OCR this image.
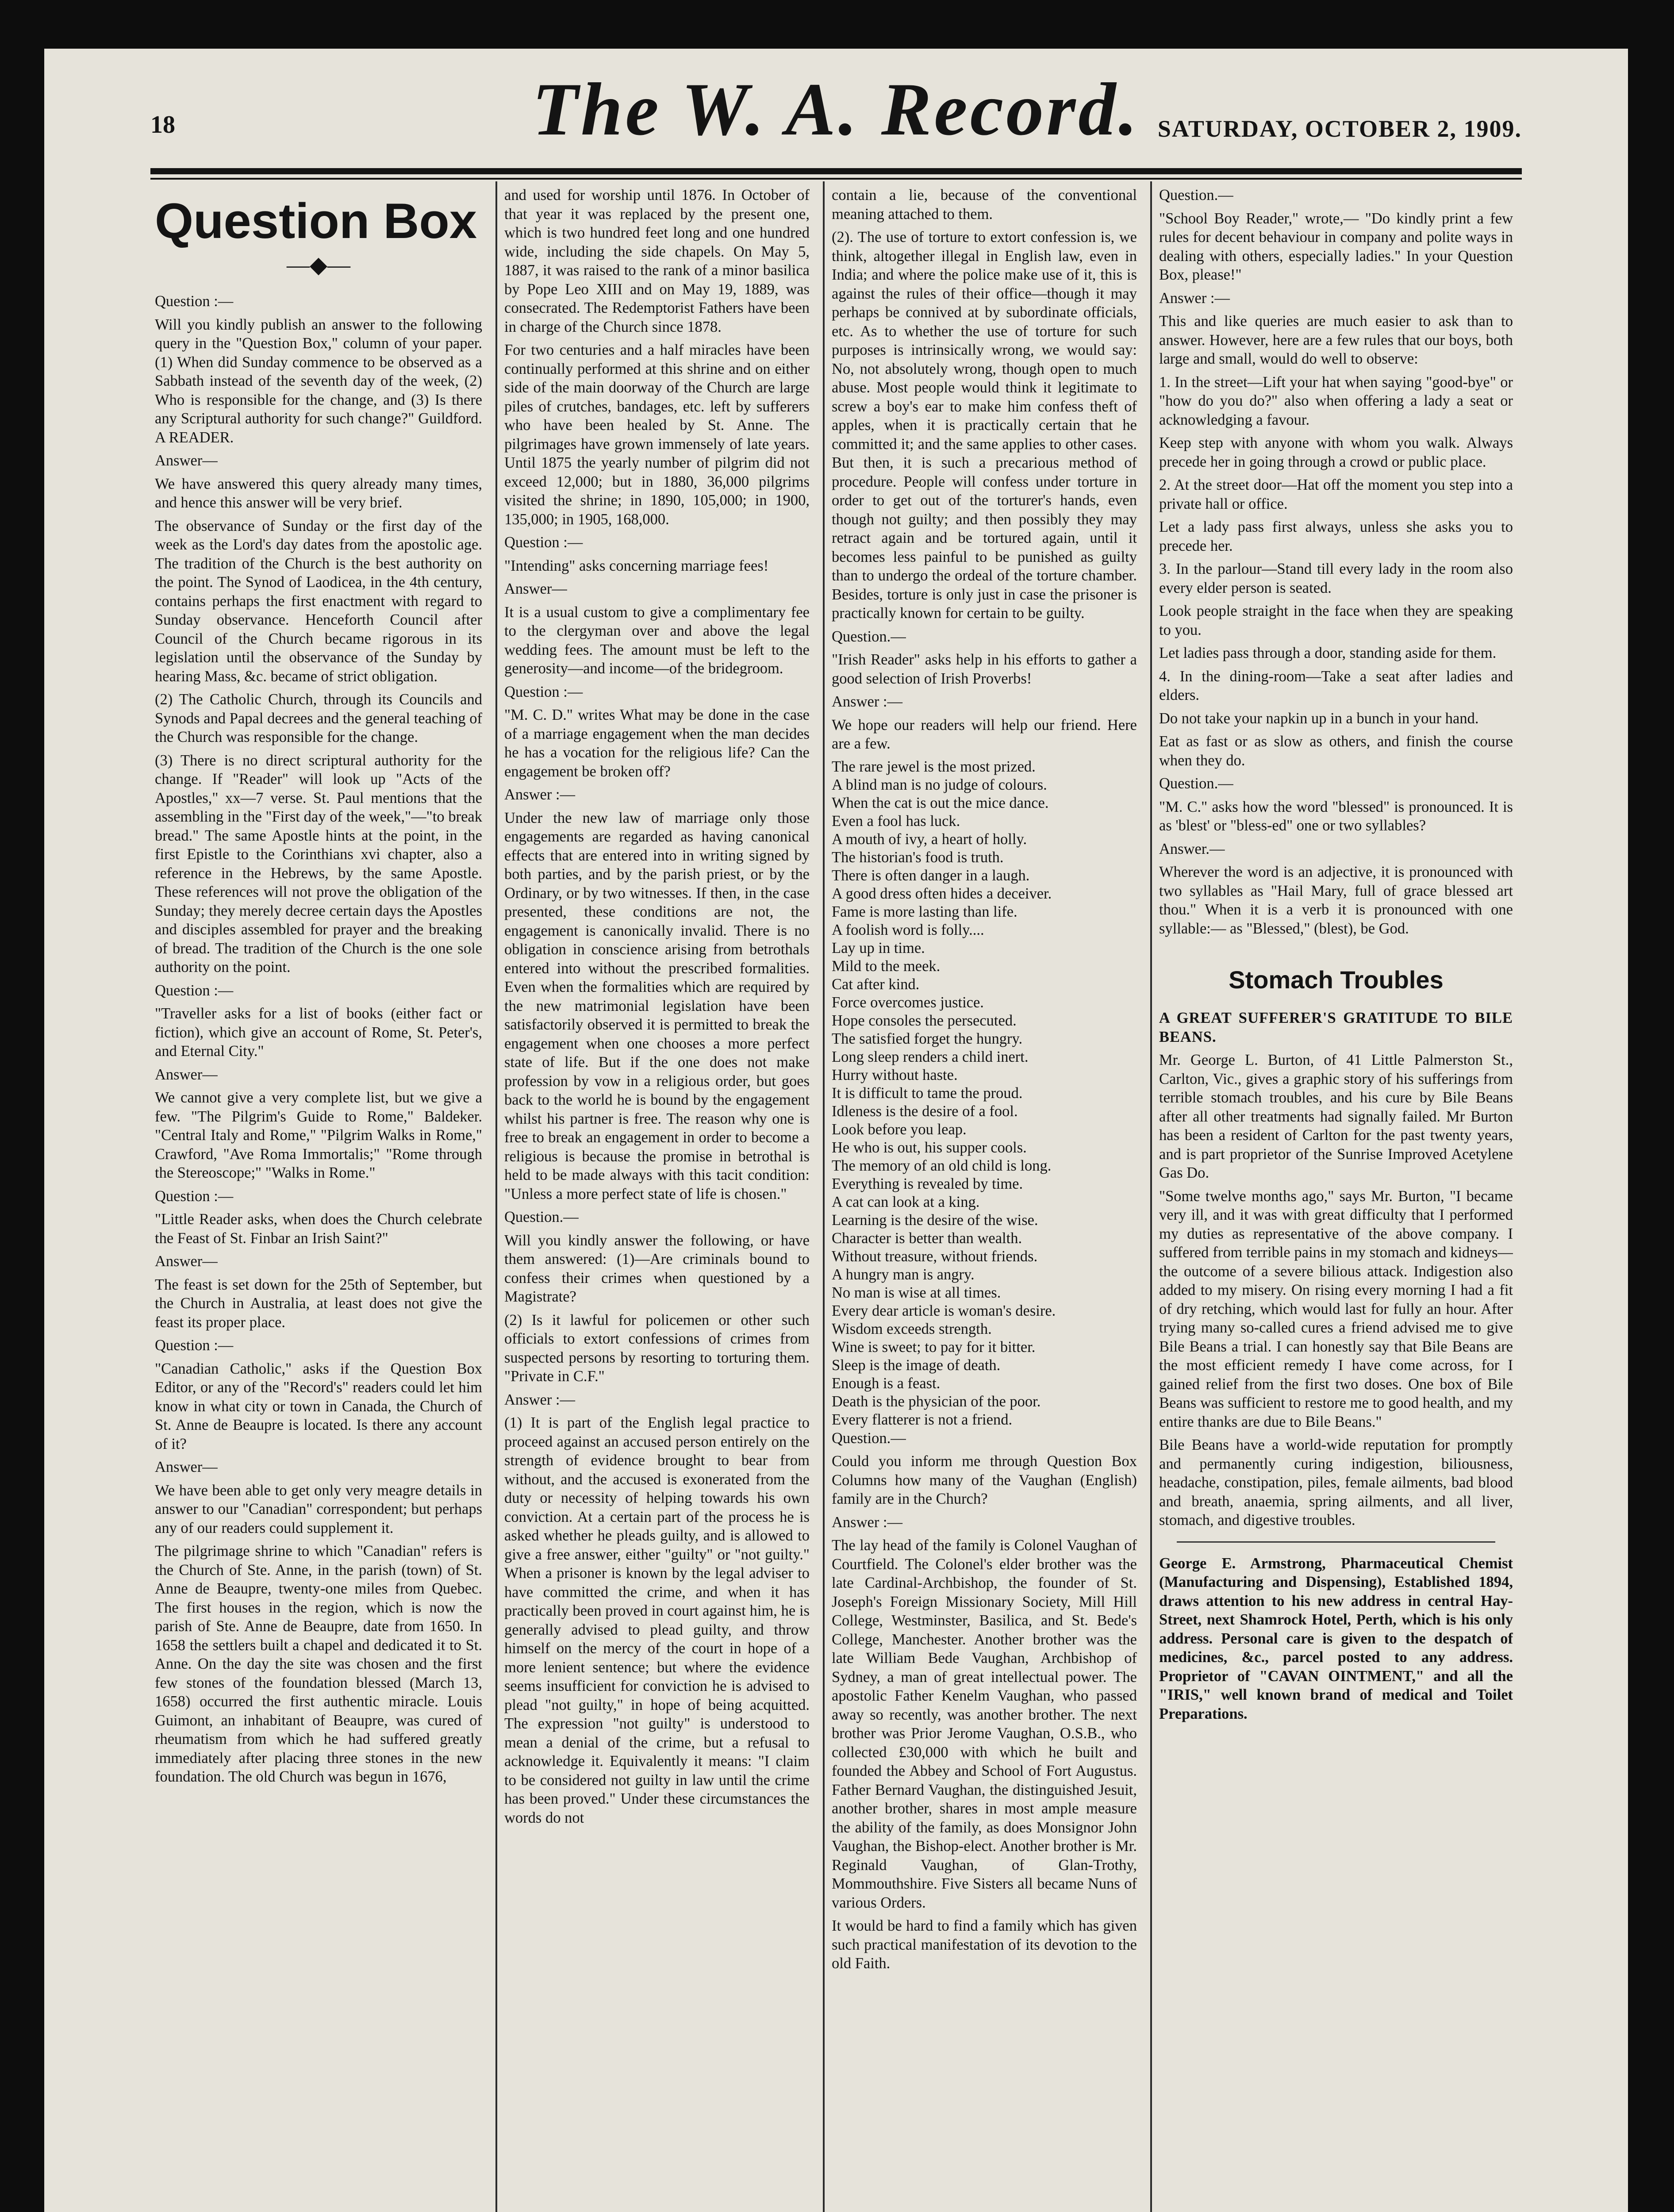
18	The W. A. Record. SATURDAY, OCTOBER 2, 1909.
Question Box
—◆—

Question :—

Will you kindly publish an answer to the following query in the "Question Box," column of your paper. (1) When did Sunday commence to be observed as a Sabbath instead of the seventh day of the week, (2) Who is responsible for the change, and (3) Is there any Scriptural authority for such change?" Guildford. A READER.

Answer—

We have answered this query already many times, and hence this answer will be very brief.

The observance of Sunday or the first day of the week as the Lord's day dates from the apostolic age. The tradition of the Church is the best authority on the point. The Synod of Laodicea, in the 4th century, contains perhaps the first enactment with regard to Sunday observance. Henceforth Council after Council of the Church became rigorous in its legislation until the observance of the Sunday by hearing Mass, &c. became of strict obligation.

(2) The Catholic Church, through its Councils and Synods and Papal decrees and the general teaching of the Church was responsible for the change.

(3) There is no direct scriptural authority for the change. If "Reader" will look up "Acts of the Apostles," xx—7 verse. St. Paul mentions that the assembling in the "First day of the week,"—"to break bread." The same Apostle hints at the point, in the first Epistle to the Corinthians xvi chapter, also a reference in the Hebrews, by the same Apostle. These references will not prove the obligation of the Sunday; they merely decree certain days the Apostles and disciples assembled for prayer and the breaking of bread. The tradition of the Church is the one sole authority on the point.

Question :—

"Traveller asks for a list of books (either fact or fiction), which give an account of Rome, St. Peter's, and Eternal City."

Answer—

We cannot give a very complete list, but we give a few. "The Pilgrim's Guide to Rome," Baldeker. "Central Italy and Rome," "Pilgrim Walks in Rome," Crawford, "Ave Roma Immortalis;" "Rome through the Stereoscope;" "Walks in Rome."

Question :—

"Little Reader asks, when does the Church celebrate the Feast of St. Finbar an Irish Saint?"

Answer—

The feast is set down for the 25th of September, but the Church in Australia, at least does not give the feast its proper place.

Question :—

"Canadian Catholic," asks if the Question Box Editor, or any of the "Record's" readers could let him know in what city or town in Canada, the Church of St. Anne de Beaupre is located. Is there any account of it?

Answer—

We have been able to get only very meagre details in answer to our "Canadian" correspondent; but perhaps any of our readers could supplement it.

The pilgrimage shrine to which "Canadian" refers is the Church of Ste. Anne, in the parish (town) of St. Anne de Beaupre, twenty-one miles from Quebec. The first houses in the region, which is now the parish of Ste. Anne de Beaupre, date from 1650. In 1658 the settlers built a chapel and dedicated it to St. Anne. On the day the site was chosen and the first few stones of the foundation blessed (March 13, 1658) occurred the first authentic miracle. Louis Guimont, an inhabitant of Beaupre, was cured of rheumatism from which he had suffered greatly immediately after placing three stones in the new foundation. The old Church was begun in 1676,

and used for worship until 1876. In October of that year it was replaced by the present one, which is two hundred feet long and one hundred wide, including the side chapels. On May 5, 1887, it was raised to the rank of a minor basilica by Pope Leo XIII and on May 19, 1889, was consecrated. The Redemptorist Fathers have been in charge of the Church since 1878.

For two centuries and a half miracles have been continually performed at this shrine and on either side of the main doorway of the Church are large piles of crutches, bandages, etc. left by sufferers who have been healed by St. Anne. The pilgrimages have grown immensely of late years. Until 1875 the yearly number of pilgrim did not exceed 12,000; but in 1880, 36,000 pilgrims visited the shrine; in 1890, 105,000; in 1900, 135,000; in 1905, 168,000.

Question :—

"Intending" asks concerning marriage fees!

Answer—

It is a usual custom to give a complimentary fee to the clergyman over and above the legal wedding fees. The amount must be left to the generosity—and income—of the bridegroom.

Question :—

"M. C. D." writes What may be done in the case of a marriage engagement when the man decides he has a vocation for the religious life? Can the engagement be broken off?

Answer :—

Under the new law of marriage only those engagements are regarded as having canonical effects that are entered into in writing signed by both parties, and by the parish priest, or by the Ordinary, or by two witnesses. If then, in the case presented, these conditions are not, the engagement is canonically invalid. There is no obligation in conscience arising from betrothals entered into without the prescribed formalities. Even when the formalities which are required by the new matrimonial legislation have been satisfactorily observed it is permitted to break the engagement when one chooses a more perfect state of life. But if the one does not make profession by vow in a religious order, but goes back to the world he is bound by the engagement whilst his partner is free. The reason why one is free to break an engagement in order to become a religious is because the promise in betrothal is held to be made always with this tacit condition: "Unless a more perfect state of life is chosen."

Question.—

Will you kindly answer the following, or have them answered: (1)—Are criminals bound to confess their crimes when questioned by a Magistrate?

(2) Is it lawful for policemen or other such officials to extort confessions of crimes from suspected persons by resorting to torturing them. "Private in C.F."

Answer :—

(1) It is part of the English legal practice to proceed against an accused person entirely on the strength of evidence brought to bear from without, and the accused is exonerated from the duty or necessity of helping towards his own conviction. At a certain part of the process he is asked whether he pleads guilty, and is allowed to give a free answer, either "guilty" or "not guilty." When a prisoner is known by the legal adviser to have committed the crime, and when it has practically been proved in court against him, he is generally advised to plead guilty, and throw himself on the mercy of the court in hope of a more lenient sentence; but where the evidence seems insufficient for conviction he is advised to plead "not guilty," in hope of being acquitted. The expression "not guilty" is understood to mean a denial of the crime, but a refusal to acknowledge it. Equivalently it means: "I claim to be considered not guilty in law until the crime has been proved." Under these circumstances the words do not

contain a lie, because of the conventional meaning attached to them.

(2). The use of torture to extort confession is, we think, altogether illegal in English law, even in India; and where the police make use of it, this is against the rules of their office—though it may perhaps be connived at by subordinate officials, etc. As to whether the use of torture for such purposes is intrinsically wrong, we would say: No, not absolutely wrong, though open to much abuse. Most people would think it legitimate to screw a boy's ear to make him confess theft of apples, when it is practically certain that he committed it; and the same applies to other cases. But then, it is such a precarious method of procedure. People will confess under torture in order to get out of the torturer's hands, even though not guilty; and then possibly they may retract again and be tortured again, until it becomes less painful to be punished as guilty than to undergo the ordeal of the torture chamber. Besides, torture is only just in case the prisoner is practically known for certain to be guilty.

Question.—

"Irish Reader" asks help in his efforts to gather a good selection of Irish Proverbs!

Answer :—

We hope our readers will help our friend. Here are a few.

The rare jewel is the most prized.
A blind man is no judge of colours.
When the cat is out the mice dance.
Even a fool has luck.
A mouth of ivy, a heart of holly.
The historian's food is truth.
There is often danger in a laugh.
A good dress often hides a deceiver.
Fame is more lasting than life.
A foolish word is folly....
Lay up in time.
Mild to the meek.
Cat after kind.
Force overcomes justice.
Hope consoles the persecuted.
The satisfied forget the hungry.
Long sleep renders a child inert.
Hurry without haste.
It is difficult to tame the proud.
Idleness is the desire of a fool.
Look before you leap.
He who is out, his supper cools.
The memory of an old child is long.
Everything is revealed by time.
A cat can look at a king.
Learning is the desire of the wise.
Character is better than wealth.
Without treasure, without friends.
A hungry man is angry.
No man is wise at all times.
Every dear article is woman's desire.
Wisdom exceeds strength.
Wine is sweet; to pay for it bitter.
Sleep is the image of death.
Enough is a feast.
Death is the physician of the poor.
Every flatterer is not a friend.

Question.—

Could you inform me through Question Box Columns how many of the Vaughan (English) family are in the Church?

Answer :—

The lay head of the family is Colonel Vaughan of Courtfield. The Colonel's elder brother was the late Cardinal-Archbishop, the founder of St. Joseph's Foreign Missionary Society, Mill Hill College, Westminster, Basilica, and St. Bede's College, Manchester. Another brother was the late William Bede Vaughan, Archbishop of Sydney, a man of great intellectual power. The apostolic Father Kenelm Vaughan, who passed away so recently, was another brother. The next brother was Prior Jerome Vaughan, O.S.B., who collected £30,000 with which he built and founded the Abbey and School of Fort Augustus. Father Bernard Vaughan, the distinguished Jesuit, another brother, shares in most ample measure the ability of the family, as does Monsignor John Vaughan, the Bishop-elect. Another brother is Mr. Reginald Vaughan, of Glan-Trothy, Mommouthshire. Five Sisters all became Nuns of various Orders.

It would be hard to find a family which has given such practical manifestation of its devotion to the old Faith.

Question.—

"School Boy Reader," wrote,— "Do kindly print a few rules for decent behaviour in company and polite ways in dealing with others, especially ladies." In your Question Box, please!"

Answer :—

This and like queries are much easier to ask than to answer. However, here are a few rules that our boys, both large and small, would do well to observe:

1. In the street—Lift your hat when saying "good-bye" or "how do you do?" also when offering a lady a seat or acknowledging a favour.

Keep step with anyone with whom you walk. Always precede her in going through a crowd or public place.

2. At the street door—Hat off the moment you step into a private hall or office.

Let a lady pass first always, unless she asks you to precede her.

3. In the parlour—Stand till every lady in the room also every elder person is seated.

Look people straight in the face when they are speaking to you.

Let ladies pass through a door, standing aside for them.

4. In the dining-room—Take a seat after ladies and elders.

Do not take your napkin up in a bunch in your hand.

Eat as fast or as slow as others, and finish the course when they do.

Question.—

"M. C." asks how the word "blessed" is pronounced. It is as 'blest' or "bless-ed" one or two syllables?

Answer.—

Wherever the word is an adjective, it is pronounced with two syllables as "Hail Mary, full of grace blessed art thou." When it is a verb it is pronounced with one syllable:— as "Blessed," (blest), be God.

Stomach Troubles

A GREAT SUFFERER'S GRATITUDE TO BILE BEANS.

Mr. George L. Burton, of 41 Little Palmerston St., Carlton, Vic., gives a graphic story of his sufferings from terrible stomach troubles, and his cure by Bile Beans after all other treatments had signally failed. Mr Burton has been a resident of Carlton for the past twenty years, and is part proprietor of the Sunrise Improved Acetylene Gas Do.

"Some twelve months ago," says Mr. Burton, "I became very ill, and it was with great difficulty that I performed my duties as representative of the above company. I suffered from terrible pains in my stomach and kidneys—the outcome of a severe bilious attack. Indigestion also added to my misery. On rising every morning I had a fit of dry retching, which would last for fully an hour. After trying many so-called cures a friend advised me to give Bile Beans a trial. I can honestly say that Bile Beans are the most efficient remedy I have come across, for I gained relief from the first two doses. One box of Bile Beans was sufficient to restore me to good health, and my entire thanks are due to Bile Beans."

Bile Beans have a world-wide reputation for promptly and permanently curing indigestion, biliousness, headache, constipation, piles, female ailments, bad blood and breath, anaemia, spring ailments, and all liver, stomach, and digestive troubles.

George E. Armstrong, Pharmaceutical Chemist (Manufacturing and Dispensing), Established 1894, draws attention to his new address in central Hay-Street, next Shamrock Hotel, Perth, which is his only address. Personal care is given to the despatch of medicines, &c., parcel posted to any address. Proprietor of "CAVAN OINTMENT," and all the "IRIS," well known brand of medical and Toilet Preparations.
